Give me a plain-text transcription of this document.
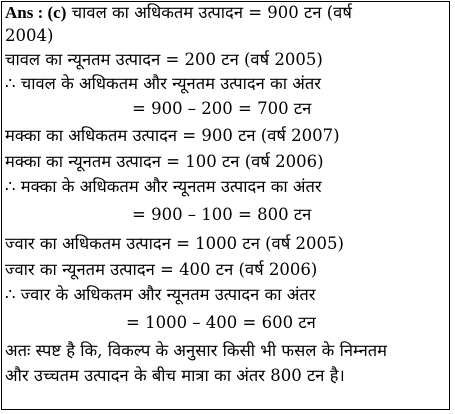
Ans : (c) चावल का अधिकतम उत्पादन = 900 टन (वर्ष
2004)
चावल का न्यूनतम उत्पादन = 200 टन (वर्ष 2005)
∴ चावल के अधिकतम और न्यूनतम उत्पादन का अंतर
= 900 – 200 = 700 टन
मक्का का अधिकतम उत्पादन = 900 टन (वर्ष 2007)
मक्का का न्यूनतम उत्पादन = 100 टन (वर्ष 2006)
∴ मक्का के अधिकतम और न्यूनतम उत्पादन का अंतर
= 900 – 100 = 800 टन
ज्वार का अधिकतम उत्पादन = 1000 टन (वर्ष 2005)
ज्वार का न्यूनतम उत्पादन = 400 टन (वर्ष 2006)
∴ ज्वार के अधिकतम और न्यूनतम उत्पादन का अंतर
= 1000 – 400 = 600 टन
अतः स्पष्ट है कि, विकल्प के अनुसार किसी भी फसल के निम्नतम
और उच्चतम उत्पादन के बीच मात्रा का अंतर 800 टन है।
